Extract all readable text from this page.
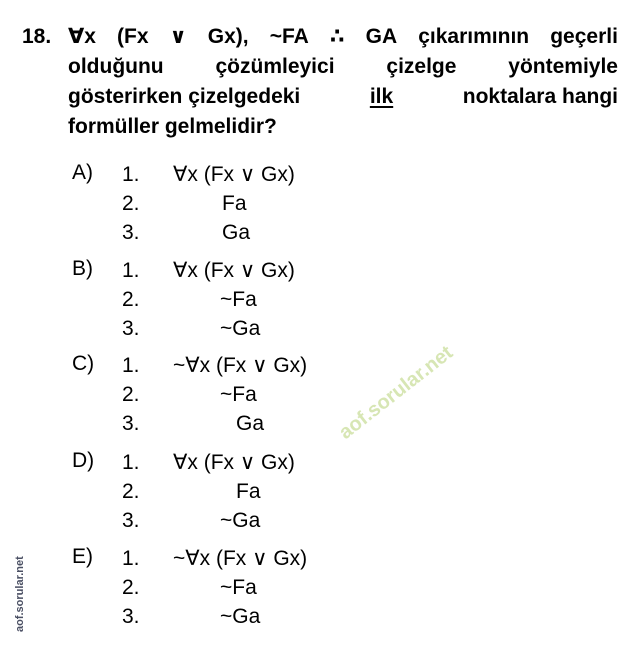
18. ∀x (Fx ∨ Gx), ~FA ∴ GA çıkarımının geçerli
olduğunu çözümleyici çizelge yöntemiyle
gösterirken çizelgedeki	ilk	noktalara hangi
formüller gelmelidir?
A) 1. ∀x (Fx ∨ Gx)
2.	Fa
3.	Ga
B) 1. ∀x (Fx ∨ Gx)
2.	~Fa
3.	~Ga
C) 1. ~∀x (Fx ∨ Gx)
2.	~Fa
3.	Ga
D) 1. ∀x (Fx ∨ Gx)
2.	Fa
3.	~Ga
E) 1. ~∀x (Fx ∨ Gx)
2.	~Fa
3.	~Ga
aof.sorular.net
aof.sorular.net
